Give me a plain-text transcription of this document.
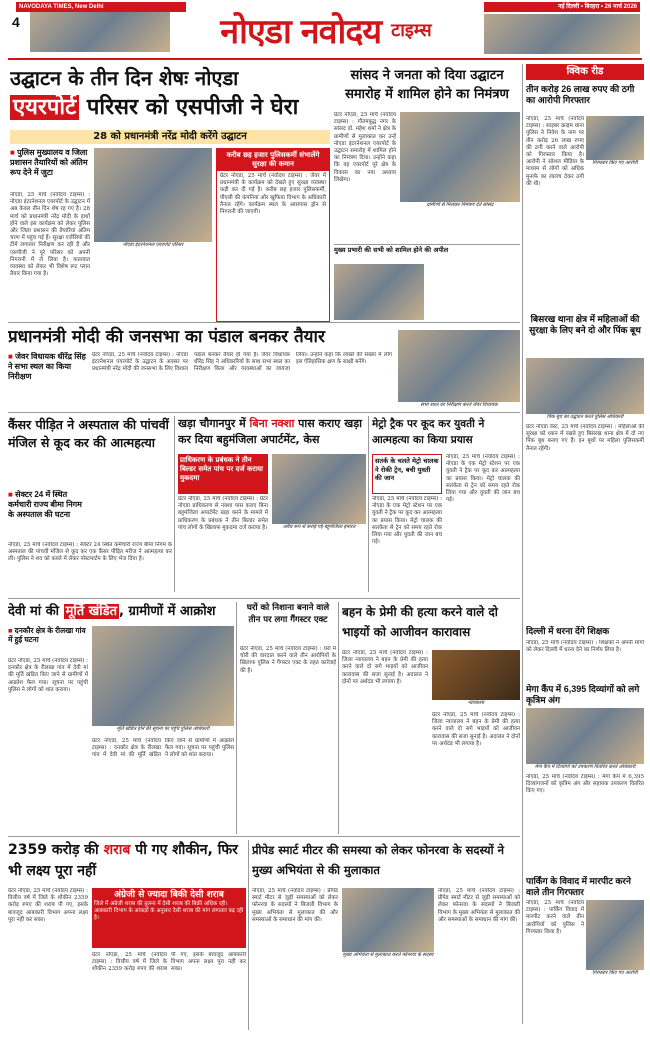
NAVODAYA TIMES, New Delhi
4	नोएडा नवोदय टाइम्स
नई दिल्ली • बिरहरा • 26 मार्च 2026
उद्घाटन के तीन दिन शेषः नोएडा
एयरपोर्ट परिसर को एसपीजी ने घेरा
28 को प्रधानमंत्री नरेंद्र मोदी करेंगे उद्घाटन
■ पुलिस मुख्यालय व जिला प्रशासन तैयारियों को अंतिम रूप देने में जुटा
नोएडा, 25 मार्च (नवोदय टाइम्स) : नोएडा इंटरनेशनल एयरपोर्ट के उद्घाटन में अब केवल तीन दिन शेष रह गए हैं। 28 मार्च को प्रधानमंत्री नरेंद्र मोदी के हाथों होने वाले इस कार्यक्रम को लेकर पुलिस और जिला प्रशासन की तैयारियां अंतिम चरण में पहुंच गई हैं। सुरक्षा एजेंसियों की टीमें लगातार निरीक्षण कर रही हैं और एसपीजी ने पूरे परिसर को अपनी निगरानी में ले लिया है। यातायात व्यवस्था को लेकर भी विशेष रूट प्लान तैयार किया गया है।
नोएडा इंटरनेशनल एयरपोर्ट परिसर
करीब छह हजार पुलिसकर्मी संभालेंगे सुरक्षा की कमान
ग्रेटर नोएडा, 25 मार्च (नवोदय टाइम्स) : जेवर में प्रधानमंत्री के कार्यक्रम को देखते हुए सुरक्षा व्यवस्था कड़ी कर दी गई है। करीब छह हजार पुलिसकर्मी, पीएसी की कंपनियां और खुफिया विभाग के अधिकारी तैनात रहेंगे। कार्यक्रम स्थल के आसपास ड्रोन से निगरानी की जाएगी।
सांसद ने जनता को दिया उद्घाटन समारोह में शामिल होने का निमंत्रण
ग्रेटर नोएडा, 25 मार्च (नवोदय टाइम्स) : गौतमबुद्ध नगर के सांसद डॉ. महेश शर्मा ने क्षेत्र के ग्रामीणों से मुलाकात कर उन्हें नोएडा इंटरनेशनल एयरपोर्ट के उद्घाटन समारोह में शामिल होने का निमंत्रण दिया। उन्होंने कहा कि यह एयरपोर्ट पूरे क्षेत्र के विकास का नया अध्याय लिखेगा।
ग्रामीणों से मिलकर निमंत्रण देते सांसद
मुख्य प्रभारी की सभी को शामिल होने की अपील
क्विक रीड
तीन करोड़ 26 लाख रुपए की ठगी का आरोपी गिरफ्तार
गिरफ्तार किए गए आरोपी
नोएडा, 25 मार्च (नवोदय टाइम्स) : साइबर क्राइम थाना पुलिस ने निवेश के नाम पर तीन करोड़ 26 लाख रुपए की ठगी करने वाले आरोपी को गिरफ्तार किया है। आरोपी ने सोशल मीडिया के माध्यम से लोगों को अधिक मुनाफे का लालच देकर ठगी की थी।
बिसरख थाना क्षेत्र में महिलाओं की सुरक्षा के लिए बने दो और पिंक बूथ
पिंक बूथ का उद्घाटन करते पुलिस अधिकारी
ग्रेटर नोएडा वेस्ट, 25 मार्च (नवोदय टाइम्स) : महिलाओं की सुरक्षा को ध्यान में रखते हुए बिसरख थाना क्षेत्र में दो नए पिंक बूथ बनाए गए हैं। इन बूथों पर महिला पुलिसकर्मी तैनात रहेंगी।
दिल्ली में धरना देंगे शिक्षक
नोएडा, 25 मार्च (नवोदय टाइम्स) : शिक्षकों ने अपनी मांगों को लेकर दिल्ली में धरना देने का निर्णय लिया है।
मेगा कैंप में 6,395 दिव्यांगों को लगे कृत्रिम अंग
मेगा कैंप में दिव्यांगों को उपकरण वितरित करते अधिकारी
नोएडा, 25 मार्च (नवोदय टाइम्स) : मेगा कैंप में 6,395 दिव्यांगजनों को कृत्रिम अंग और सहायक उपकरण वितरित किए गए।
पार्किंग के विवाद में मारपीट करने वाले तीन गिरफ्तार
नोएडा, 25 मार्च (नवोदय टाइम्स) : पार्किंग विवाद में मारपीट करने वाले तीन आरोपियों को पुलिस ने गिरफ्तार किया है।
गिरफ्तार किए गए आरोपी
प्रधानमंत्री मोदी की जनसभा का पंडाल बनकर तैयार
■ जेवर विधायक धीरेंद्र सिंह ने सभा स्थल का किया निरीक्षण
ग्रेटर नोएडा, 25 मार्च (नवोदय टाइम्स) : नोएडा इंटरनेशनल एयरपोर्ट के उद्घाटन के अवसर पर प्रधानमंत्री नरेंद्र मोदी की जनसभा के लिए विशाल पंडाल बनकर तैयार हो गया है। जेवर विधायक धीरेंद्र सिंह ने अधिकारियों के साथ सभा स्थल का निरीक्षण किया और व्यवस्थाओं का जायजा लिया। उन्होंने कहा कि लाखों की संख्या में लोग इस ऐतिहासिक क्षण के साक्षी बनेंगे।
सभा स्थल का निरीक्षण करते जेवर विधायक
कैंसर पीड़ित ने अस्पताल की पांचवीं मंजिल से कूद कर की आत्महत्या
■ सेक्टर 24 में स्थित कर्मचारी राज्य बीमा निगम के अस्पताल की घटना
नोएडा, 25 मार्च (नवोदय टाइम्स) : सेक्टर 24 स्थित कर्मचारी राज्य बीमा निगम के अस्पताल की पांचवीं मंजिल से कूद कर एक कैंसर पीड़ित मरीज ने आत्महत्या कर ली। पुलिस ने शव को कब्जे में लेकर पोस्टमार्टम के लिए भेज दिया है।
खड़ा चौगानपुर में बिना नक्शा पास कराए खड़ा कर दिया बहुमंजिला अपार्टमेंट, केस
प्राधिकरण के प्रबंधक ने तीन बिल्डर समेत पांच पर दर्ज कराया मुकदमा
ग्रेटर नोएडा, 25 मार्च (नवोदय टाइम्स) : ग्रेटर नोएडा प्राधिकरण से नक्शा पास कराए बिना बहुमंजिला अपार्टमेंट खड़ा करने के मामले में प्राधिकरण के प्रबंधक ने तीन बिल्डर समेत पांच लोगों के खिलाफ मुकदमा दर्ज कराया है।	अवैध रूप से बनाई गई बहुमंजिला इमारत
मेट्रो ट्रैक पर कूद कर युवती ने आत्महत्या का किया प्रयास
सतर्क के चलते मेट्रो चालक ने रोकी ट्रेन, बची युवती की जान
नोएडा, 25 मार्च (नवोदय टाइम्स) : नोएडा के एक मेट्रो स्टेशन पर एक युवती ने ट्रैक पर कूद कर आत्महत्या का प्रयास किया। मेट्रो चालक की सतर्कता से ट्रेन को समय रहते रोक लिया गया और युवती की जान बच गई।
नोएडा, 25 मार्च (नवोदय टाइम्स) : नोएडा के एक मेट्रो स्टेशन पर एक युवती ने ट्रैक पर कूद कर आत्महत्या का प्रयास किया। मेट्रो चालक की सतर्कता से ट्रेन को समय रहते रोक लिया गया और युवती की जान बच गई।
देवी मां की मूर्ति खंडित , ग्रामीणों में आक्रोश
■ दनकौर क्षेत्र के रीलखा गांव में हुई घटना
ग्रेटर नोएडा, 25 मार्च (नवोदय टाइम्स) : दनकौर क्षेत्र के रीलखा गांव में देवी मां की मूर्ति खंडित किए जाने से ग्रामीणों में आक्रोश फैल गया। सूचना पर पहुंची पुलिस ने लोगों को शांत कराया।
मूर्ति खंडित होने की सूचना पर पहुंचे पुलिस अधिकारी
ग्रेटर नोएडा, 25 मार्च (नवोदय टाइम्स) : दनकौर क्षेत्र के रीलखा गांव में देवी मां की मूर्ति खंडित किए जाने से ग्रामीणों में आक्रोश फैल गया। सूचना पर पहुंची पुलिस ने लोगों को शांत कराया।
घरों को निशाना बनाने वाले तीन पर लगा गैंगस्टर एक्ट
ग्रेटर नोएडा, 25 मार्च (नवोदय टाइम्स) : घरों में चोरी की वारदात करने वाले तीन आरोपियों के खिलाफ पुलिस ने गैंगस्टर एक्ट के तहत कार्रवाई की है।
बहन के प्रेमी की हत्या करने वाले दो भाइयों को आजीवन कारावास
ग्रेटर नोएडा, 25 मार्च (नवोदय टाइम्स) : जिला न्यायालय ने बहन के प्रेमी की हत्या करने वाले दो सगे भाइयों को आजीवन कारावास की सजा सुनाई है। अदालत ने दोनों पर अर्थदंड भी लगाया है।
न्यायालय
ग्रेटर नोएडा, 25 मार्च (नवोदय टाइम्स) : जिला न्यायालय ने बहन के प्रेमी की हत्या करने वाले दो सगे भाइयों को आजीवन कारावास की सजा सुनाई है। अदालत ने दोनों पर अर्थदंड भी लगाया है।
2359 करोड़ की शराब पी गए शौकीन, फिर भी लक्ष्य पूरा नहीं
ग्रेटर नोएडा, 25 मार्च (नवोदय टाइम्स) : वित्तीय वर्ष में जिले के शौकीन 2359 करोड़ रुपए की शराब पी गए, इसके बावजूद आबकारी विभाग अपना लक्ष्य पूरा नहीं कर सका।
अंग्रेजी से ज्यादा बिकी देसी शराब
जिले में अंग्रेजी शराब की तुलना में देसी शराब की बिक्री अधिक रही। आबकारी विभाग के आंकड़ों के अनुसार देसी शराब की मांग लगातार बढ़ रही है।
ग्रेटर नोएडा, 25 मार्च (नवोदय टाइम्स) : वित्तीय वर्ष में जिले के शौकीन 2359 करोड़ रुपए की शराब पी गए, इसके बावजूद आबकारी विभाग अपना लक्ष्य पूरा नहीं कर सका।
प्रीपेड स्मार्ट मीटर की समस्या को लेकर फोनरवा के सदस्यों ने मुख्य अभियंता से की मुलाकात
नोएडा, 25 मार्च (नवोदय टाइम्स) : प्रीपेड स्मार्ट मीटर से जुड़ी समस्याओं को लेकर फोनरवा के सदस्यों ने बिजली विभाग के मुख्य अभियंता से मुलाकात की और समस्याओं के समाधान की मांग की।
मुख्य अभियंता से मुलाकात करते फोनरवा के सदस्य
नोएडा, 25 मार्च (नवोदय टाइम्स) : प्रीपेड स्मार्ट मीटर से जुड़ी समस्याओं को लेकर फोनरवा के सदस्यों ने बिजली विभाग के मुख्य अभियंता से मुलाकात की और समस्याओं के समाधान की मांग की।
